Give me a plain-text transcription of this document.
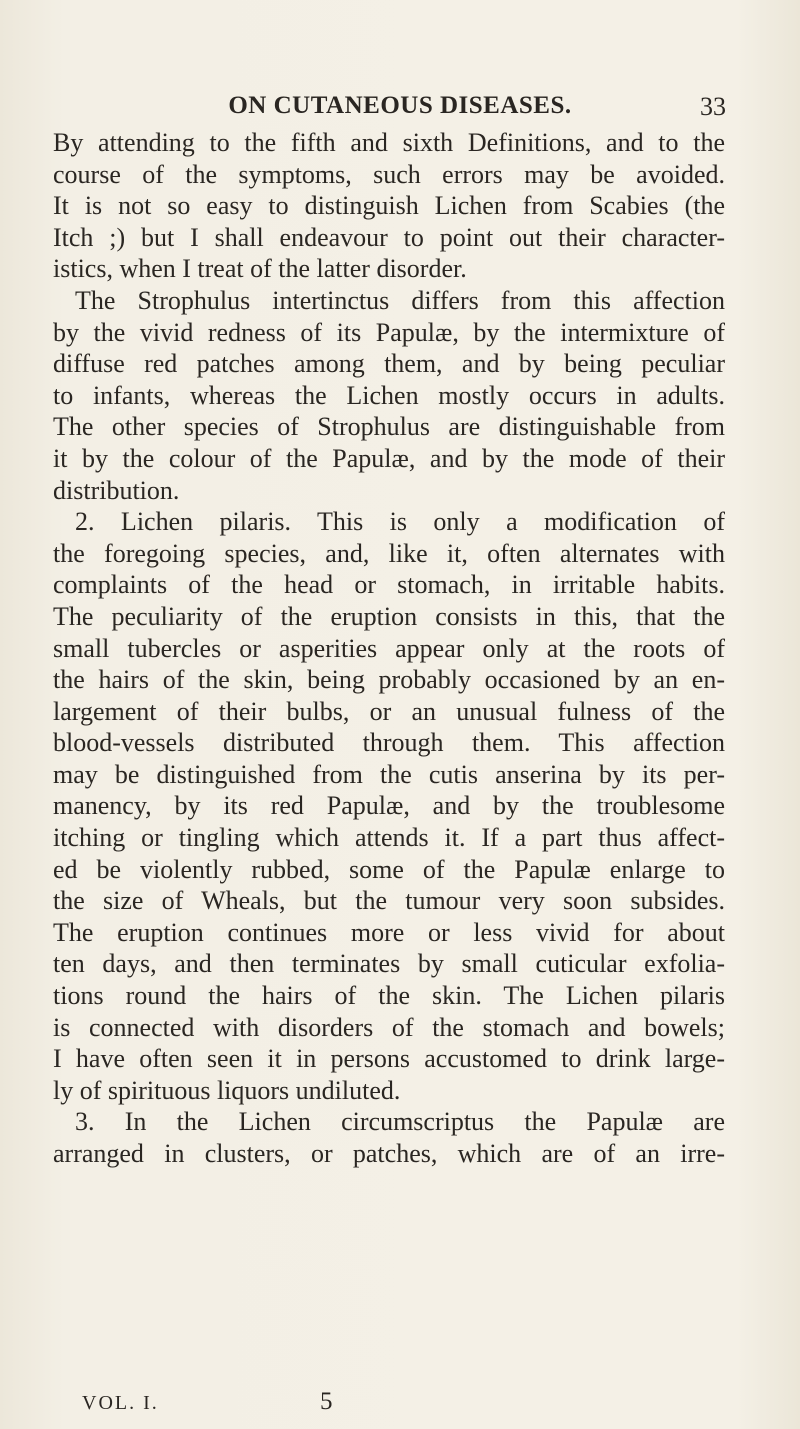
ON CUTANEOUS DISEASES.	33
By attending to the fifth and sixth Definitions, and to the
course of the symptoms, such errors may be avoided.
It is not so easy to distinguish Lichen from Scabies (the
Itch ;) but I shall endeavour to point out their character-
istics, when I treat of the latter disorder.
The Strophulus intertinctus differs from this affection
by the vivid redness of its Papulæ, by the intermixture of
diffuse red patches among them, and by being peculiar
to infants, whereas the Lichen mostly occurs in adults.
The other species of Strophulus are distinguishable from
it by the colour of the Papulæ, and by the mode of their
distribution.
2. Lichen pilaris. This is only a modification of
the foregoing species, and, like it, often alternates with
complaints of the head or stomach, in irritable habits.
The peculiarity of the eruption consists in this, that the
small tubercles or asperities appear only at the roots of
the hairs of the skin, being probably occasioned by an en-
largement of their bulbs, or an unusual fulness of the
blood-vessels distributed through them. This affection
may be distinguished from the cutis anserina by its per-
manency, by its red Papulæ, and by the troublesome
itching or tingling which attends it. If a part thus affect-
ed be violently rubbed, some of the Papulæ enlarge to
the size of Wheals, but the tumour very soon subsides.
The eruption continues more or less vivid for about
ten days, and then terminates by small cuticular exfolia-
tions round the hairs of the skin. The Lichen pilaris
is connected with disorders of the stomach and bowels;
I have often seen it in persons accustomed to drink large-
ly of spirituous liquors undiluted.
3. In the Lichen circumscriptus the Papulæ are
arranged in clusters, or patches, which are of an irre-
VOL. I.	5
